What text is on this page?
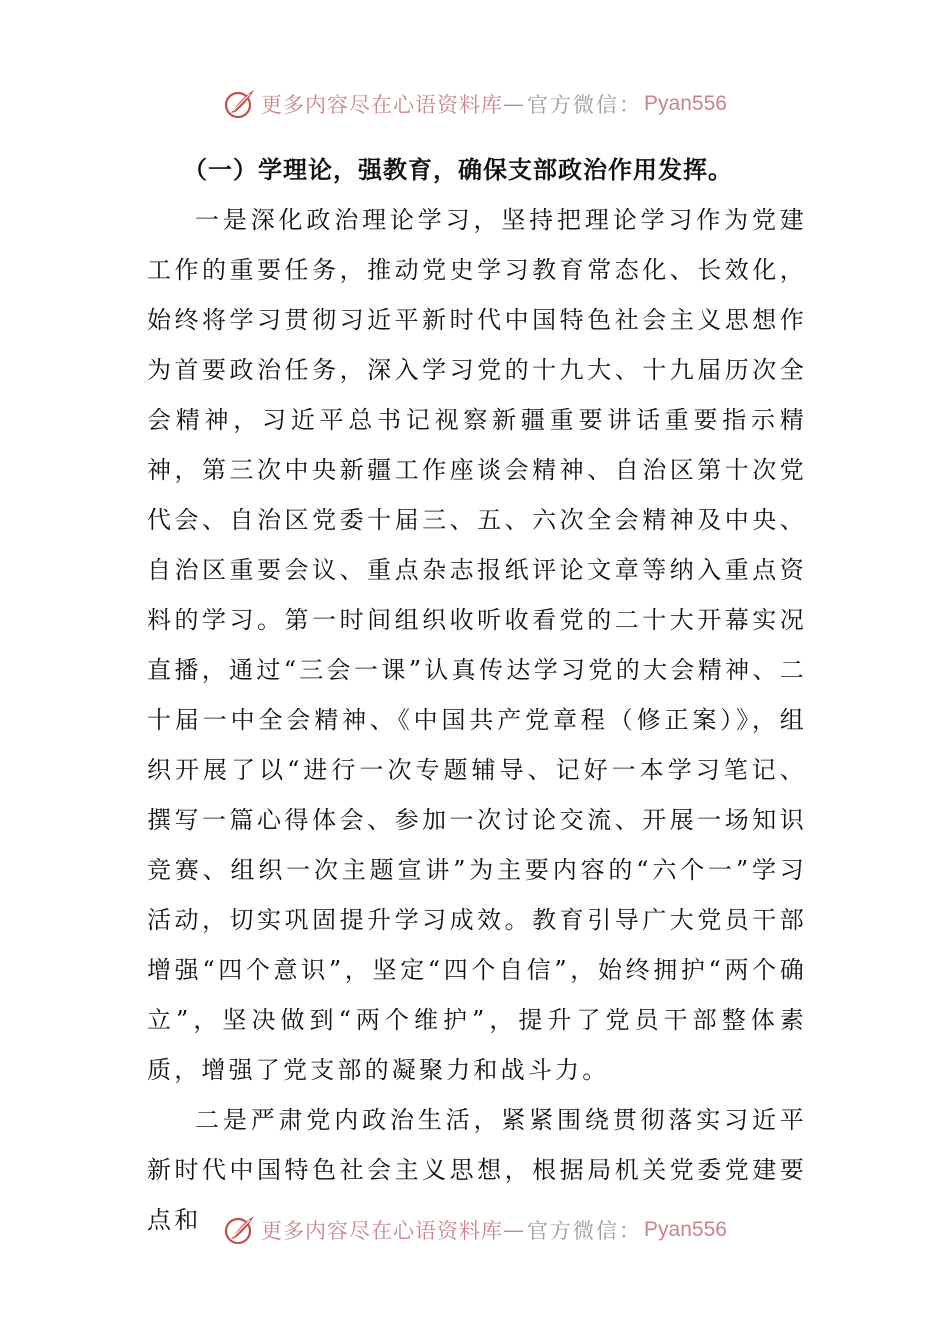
更多内容尽在心语资料库 — 官方微信： Pyan556
（一）学理论，强教育，确保支部政治作用发挥。

一是深化政治理论学习，坚持把理论学习作为党建工作的重要任务，推动党史学习教育常态化、长效化，始终将学习贯彻习近平新时代中国特色社会主义思想作为首要政治任务，深入学习党的十九大、十九届历次全会精神，习近平总书记视察新疆重要讲话重要指示精神，第三次中央新疆工作座谈会精神、自治区第十次党代会、自治区党委十届三、五、六次全会精神及中央、自治区重要会议、重点杂志报纸评论文章等纳入重点资料的学习。第一时间组织收听收看党的二十大开幕实况直播，通过“三会一课”认真传达学习党的大会精神、二十届一中全会精神、《中国共产党章程（修正案）》，组织开展了以“进行一次专题辅导、记好一本学习笔记、撰写一篇心得体会、参加一次讨论交流、开展一场知识竞赛、组织一次主题宣讲”为主要内容的“六个一”学习活动，切实巩固提升学习成效。教育引导广大党员干部增强“四个意识”，坚定“四个自信”，始终拥护“两个确立”，坚决做到“两个维护”，提升了党员干部整体素质，增强了党支部的凝聚力和战斗力。

二是严肃党内政治生活，紧紧围绕贯彻落实习近平新时代中国特色社会主义思想，根据局机关党委党建要点和	更多内容尽在心语资料库 — 官方微信： Pyan556
